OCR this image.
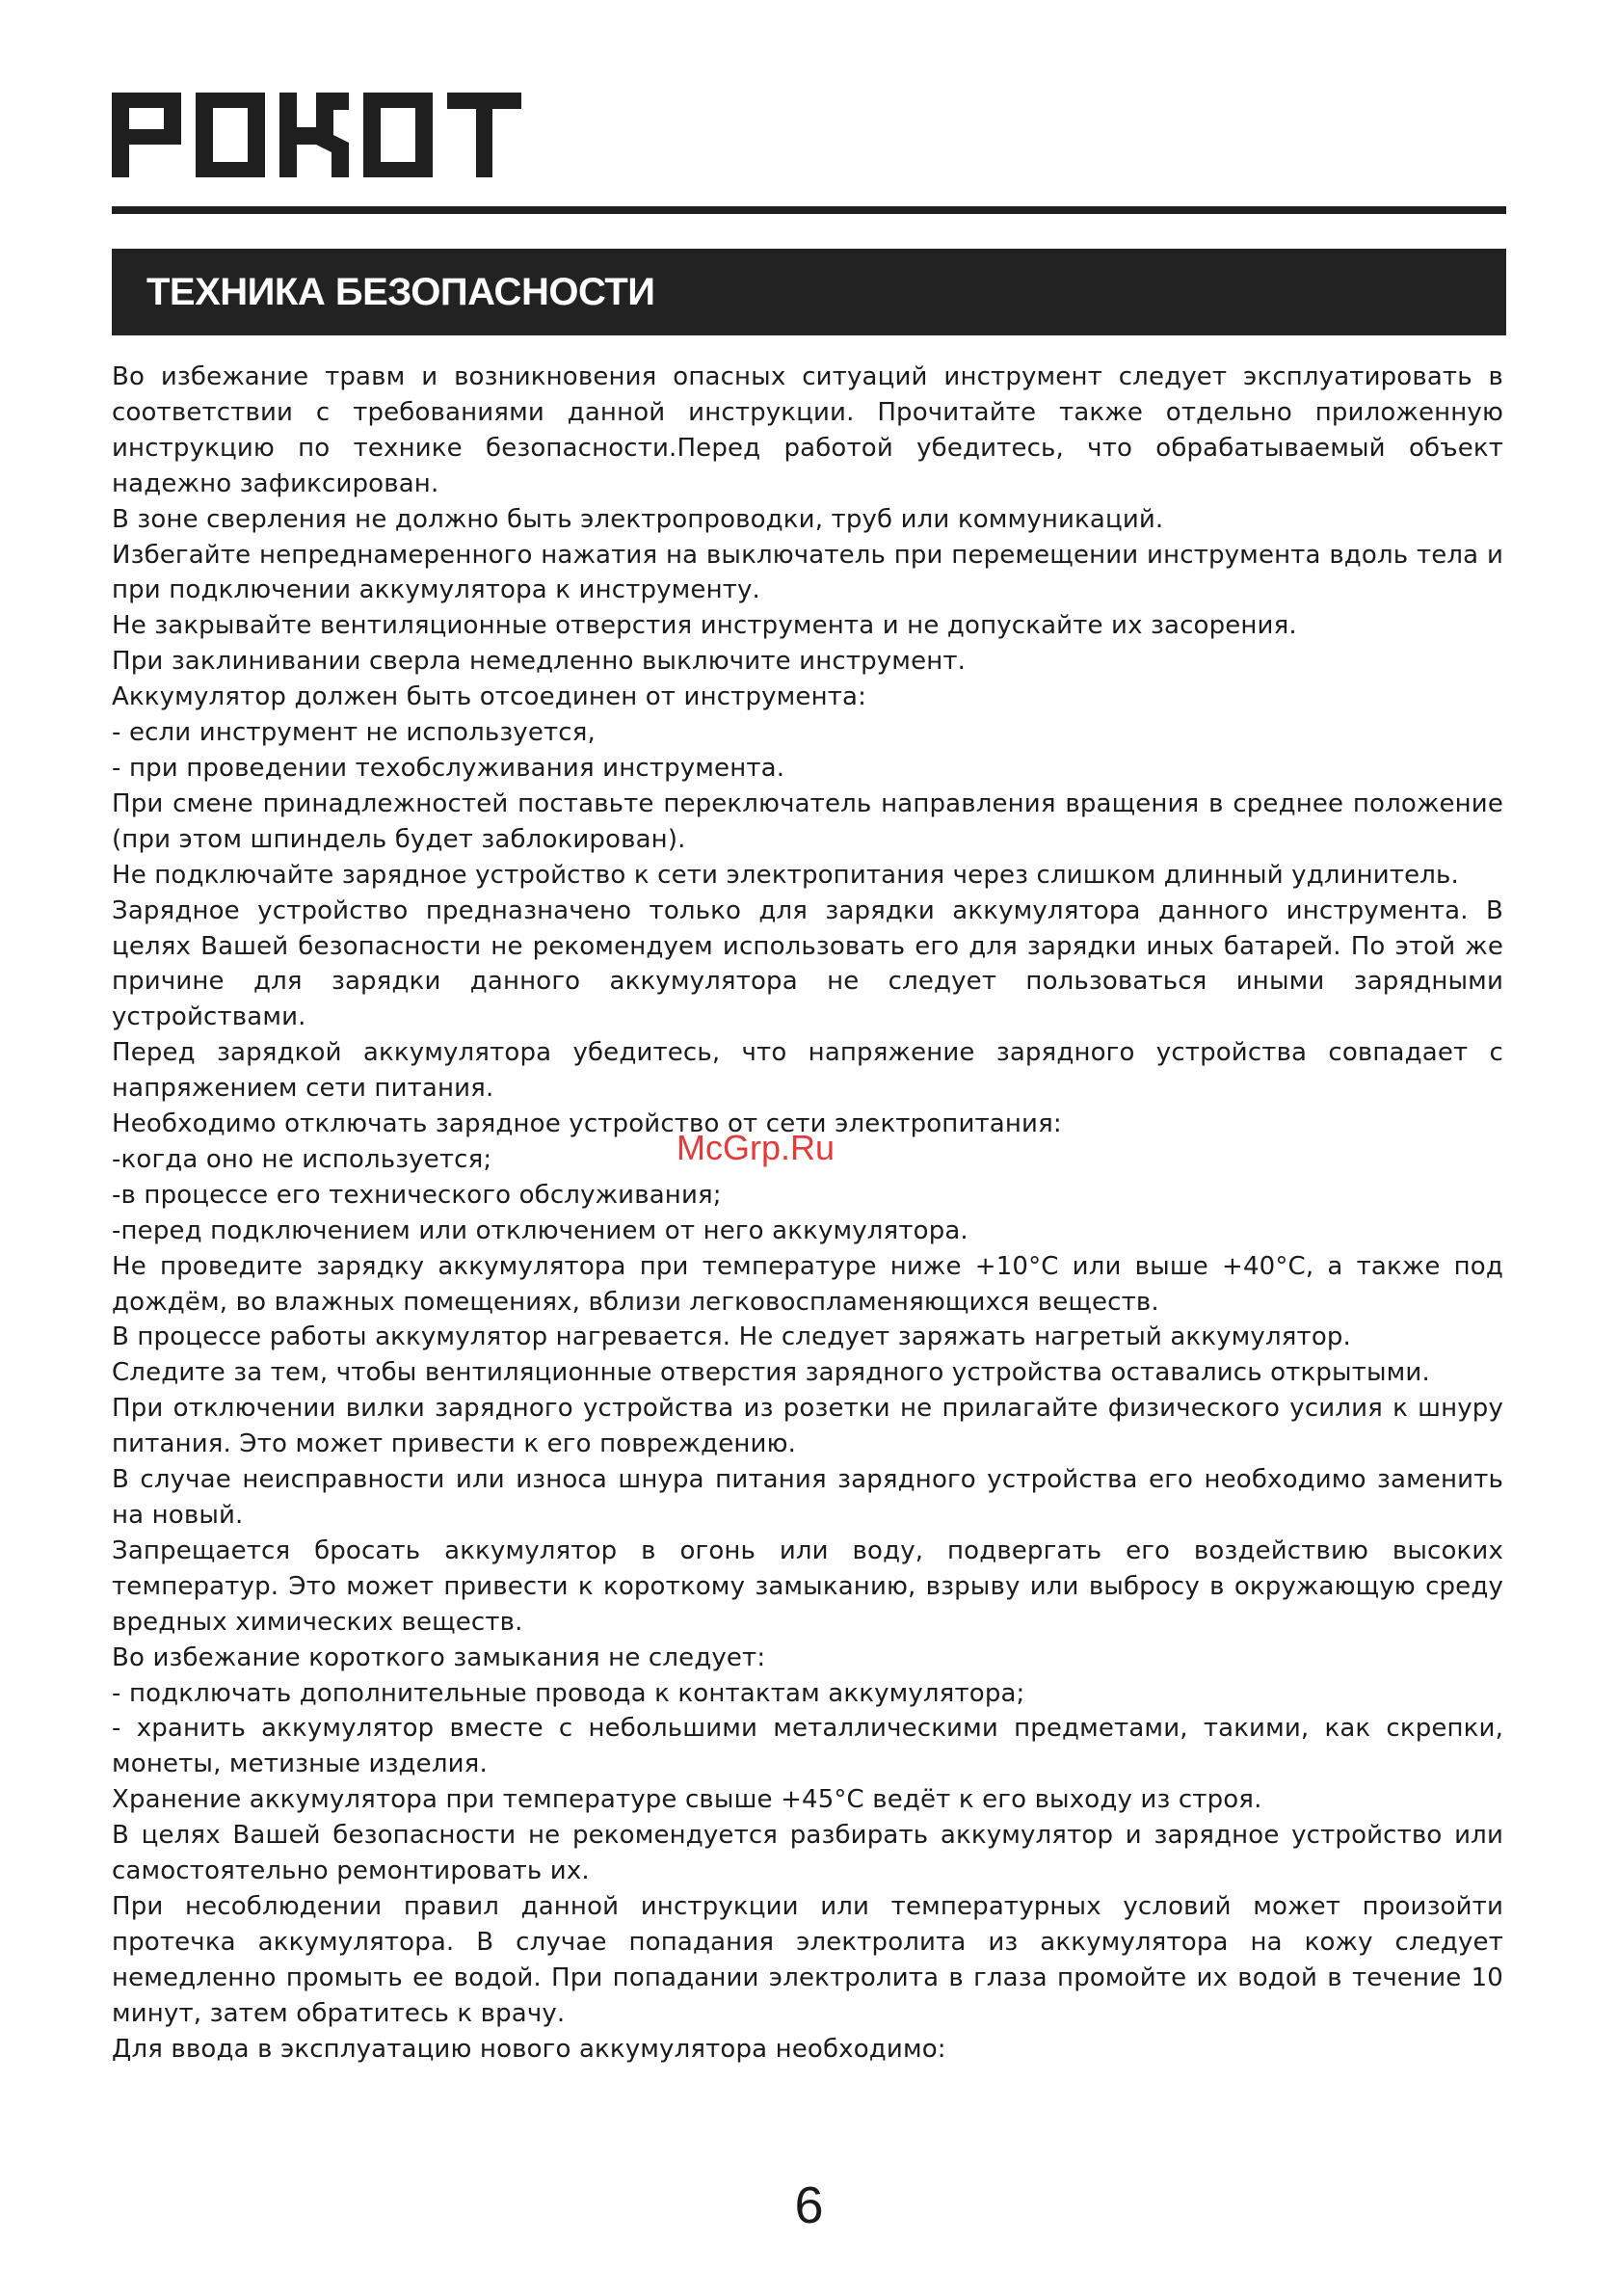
ТЕХНИКА БЕЗОПАСНОСТИ

Во избежание травм и возникновения опасных ситуаций инструмент следует эксплуатировать в соответствии с требованиями данной инструкции. Прочитайте также отдельно приложенную инструкцию по технике безопасности.Перед работой убедитесь, что обрабатываемый объект надежно зафиксирован.

В зоне сверления не должно быть электропроводки, труб или коммуникаций.

Избегайте непреднамеренного нажатия на выключатель при перемещении инструмента вдоль тела и при подключении аккумулятора к инструменту.

Не закрывайте вентиляционные отверстия инструмента и не допускайте их засорения.

При заклинивании сверла немедленно выключите инструмент.

Аккумулятор должен быть отсоединен от инструмента:

- если инструмент не используется,

- при проведении техобслуживания инструмента.

При смене принадлежностей поставьте переключатель направления вращения в среднее положение (при этом шпиндель будет заблокирован).

Не подключайте зарядное устройство к сети электропитания через слишком длинный удлинитель.

Зарядное устройство предназначено только для зарядки аккумулятора данного инструмента. В целях Вашей безопасности не рекомендуем использовать его для зарядки иных батарей. По этой же причине для зарядки данного аккумулятора не следует пользоваться иными зарядными устройствами.

Перед зарядкой аккумулятора убедитесь, что напряжение зарядного устройства совпадает с напряжением сети питания.

Необходимо отключать зарядное устройство от сети электропитания:

-когда оно не используется;

-в процессе его технического обслуживания;

-перед подключением или отключением от него аккумулятора.

Не проведите зарядку аккумулятора при температуре ниже +10°С или выше +40°С, а также под дождём, во влажных помещениях, вблизи легковоспламеняющихся веществ.

В процессе работы аккумулятор нагревается. Не следует заряжать нагретый аккумулятор.

Следите за тем, чтобы вентиляционные отверстия зарядного устройства оставались открытыми.

При отключении вилки зарядного устройства из розетки не прилагайте физического усилия к шнуру питания. Это может привести к его повреждению.

В случае неисправности или износа шнура питания зарядного устройства его необходимо заменить на новый.

Запрещается бросать аккумулятор в огонь или воду, подвергать его воздействию высоких температур. Это может привести к короткому замыканию, взрыву или выбросу в окружающую среду вредных химических веществ.

Во избежание короткого замыкания не следует:

- подключать дополнительные провода к контактам аккумулятора;

- хранить аккумулятор вместе с небольшими металлическими предметами, такими, как скрепки, монеты, метизные изделия.

Хранение аккумулятора при температуре свыше +45°С ведёт к его выходу из строя.

В целях Вашей безопасности не рекомендуется разбирать аккумулятор и зарядное устройство или самостоятельно ремонтировать их.

При несоблюдении правил данной инструкции или температурных условий может произойти протечка аккумулятора. В случае попадания электролита из аккумулятора на кожу следует немедленно промыть ее водой. При попадании электролита в глаза промойте их водой в течение 10 минут, затем обратитесь к врачу.

Для ввода в эксплуатацию нового аккумулятора необходимо:

McGrp.Ru
6
